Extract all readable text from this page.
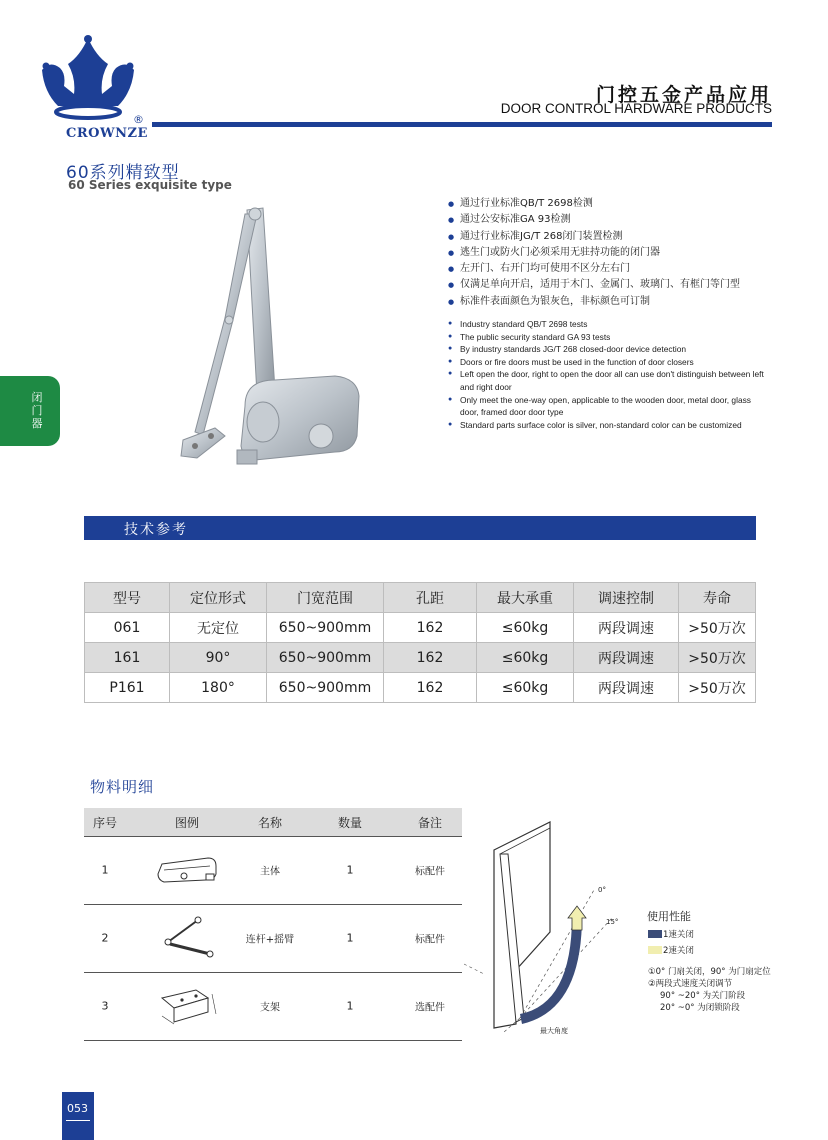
CROWNZE
®
门控五金产品应用
DOOR CONTROL HARDWARE PRODUCTS
60系列精致型
60 Series exquisite type
闭门器
● 通过行业标准QB/T 2698检测
● 通过公安标准GA 93检测
● 通过行业标准JG/T 268闭门装置检测
● 逃生门或防火门必须采用无驻持功能的闭门器
● 左开门、右开门均可使用不区分左右门
● 仅满足单向开启，适用于木门、金属门、玻璃门、有框门等门型
● 标准件表面颜色为银灰色，非标颜色可订制
● Industry standard QB/T 2698 tests
● The public security standard GA 93 tests
● By industry standards JG/T 268 closed-door device detection
● Doors or fire doors must be used in the function of door closers
● Left open the door, right to open the door all can use don't distinguish between left and right door
● Only meet the one-way open, applicable to the wooden door, metal door, glass door, framed door door type
● Standard parts surface color is silver, non-standard color can be customized
技术参考
型号	定位形式	门宽范围	孔距	最大承重	调速控制	寿命
061	无定位	650~900mm	162	≤60kg	两段调速	>50万次
161	90°	650~900mm	162	≤60kg	两段调速	>50万次
P161	180°	650~900mm	162	≤60kg	两段调速	>50万次
物料明细
序号	图例	名称	数量	备注
1	主体	1	标配件
2	连杆+摇臂	1	标配件
3	支架	1	选配件
0°
15°
最大角度
使用性能
1速关闭
2速关闭
①0° 门扇关闭，90° 为门扇定位
②两段式速度关闭调节
90° ~20° 为关门阶段
20° ~0° 为闭锁阶段
053
